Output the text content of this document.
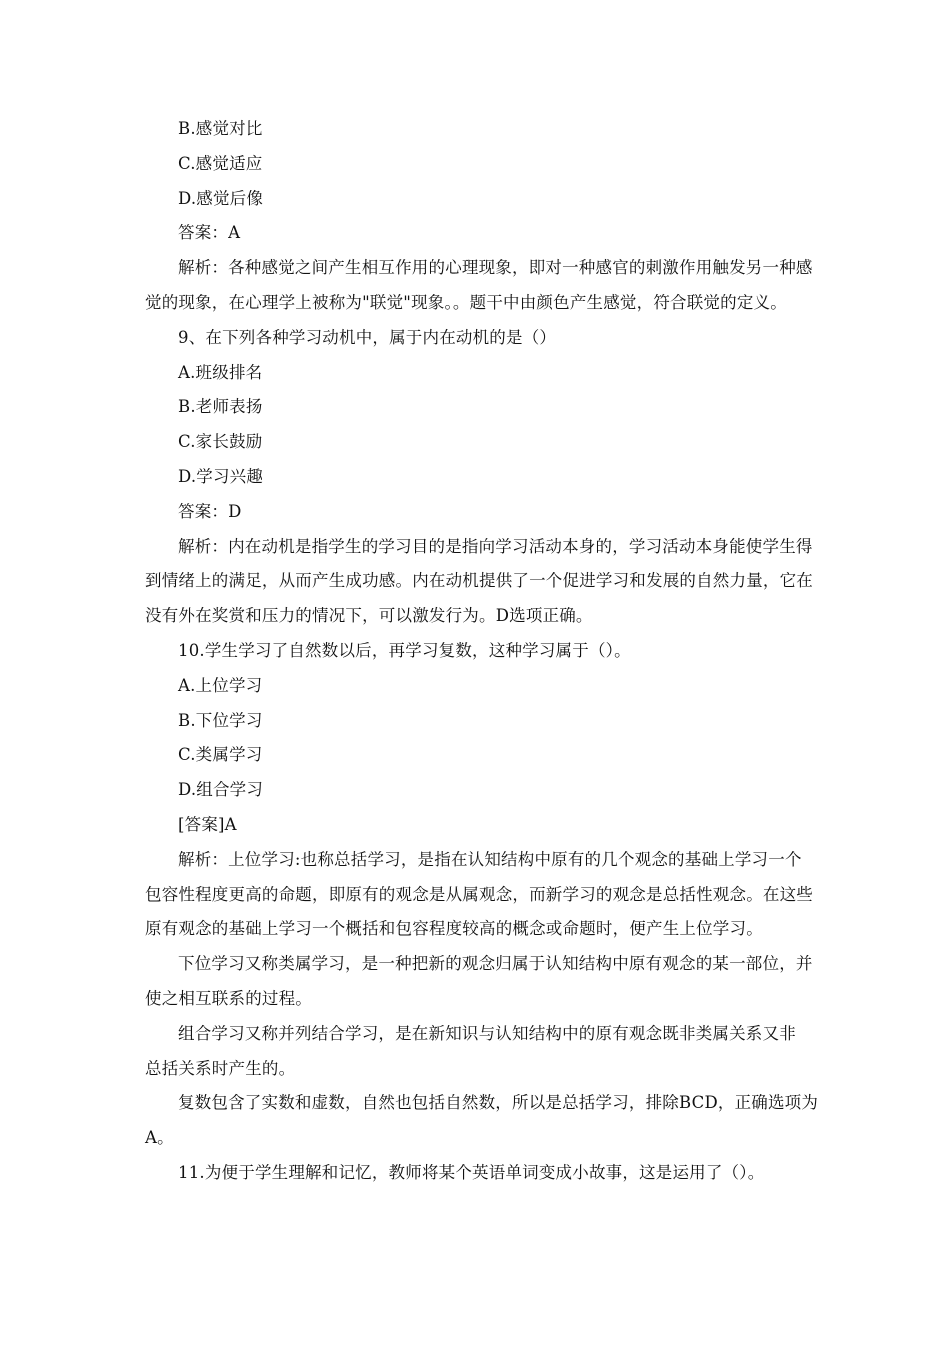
B.感觉对比
C.感觉适应
D.感觉后像
答案：A
解析：各种感觉之间产生相互作用的心理现象，即对一种感官的刺激作用触发另一种感
觉的现象，在心理学上被称为"联觉"现象。。题干中由颜色产生感觉，符合联觉的定义。
9、在下列各种学习动机中，属于内在动机的是（）
A.班级排名
B.老师表扬
C.家长鼓励
D.学习兴趣
答案：D
解析：内在动机是指学生的学习目的是指向学习活动本身的，学习活动本身能使学生得
到情绪上的满足，从而产生成功感。内在动机提供了一个促进学习和发展的自然力量，它在
没有外在奖赏和压力的情况下，可以激发行为。D选项正确。
10.学生学习了自然数以后，再学习复数，这种学习属于（）。
A.上位学习
B.下位学习
C.类属学习
D.组合学习
[答案]A
解析：上位学习:也称总括学习，是指在认知结构中原有的几个观念的基础上学习一个
包容性程度更高的命题，即原有的观念是从属观念，而新学习的观念是总括性观念。在这些
原有观念的基础上学习一个概括和包容程度较高的概念或命题时，便产生上位学习。
下位学习又称类属学习，是一种把新的观念归属于认知结构中原有观念的某一部位，并
使之相互联系的过程。
组合学习又称并列结合学习，是在新知识与认知结构中的原有观念既非类属关系又非
总括关系时产生的。
复数包含了实数和虚数，自然也包括自然数，所以是总括学习，排除BCD，正确选项为
A。
11.为便于学生理解和记忆，教师将某个英语单词变成小故事，这是运用了（）。
